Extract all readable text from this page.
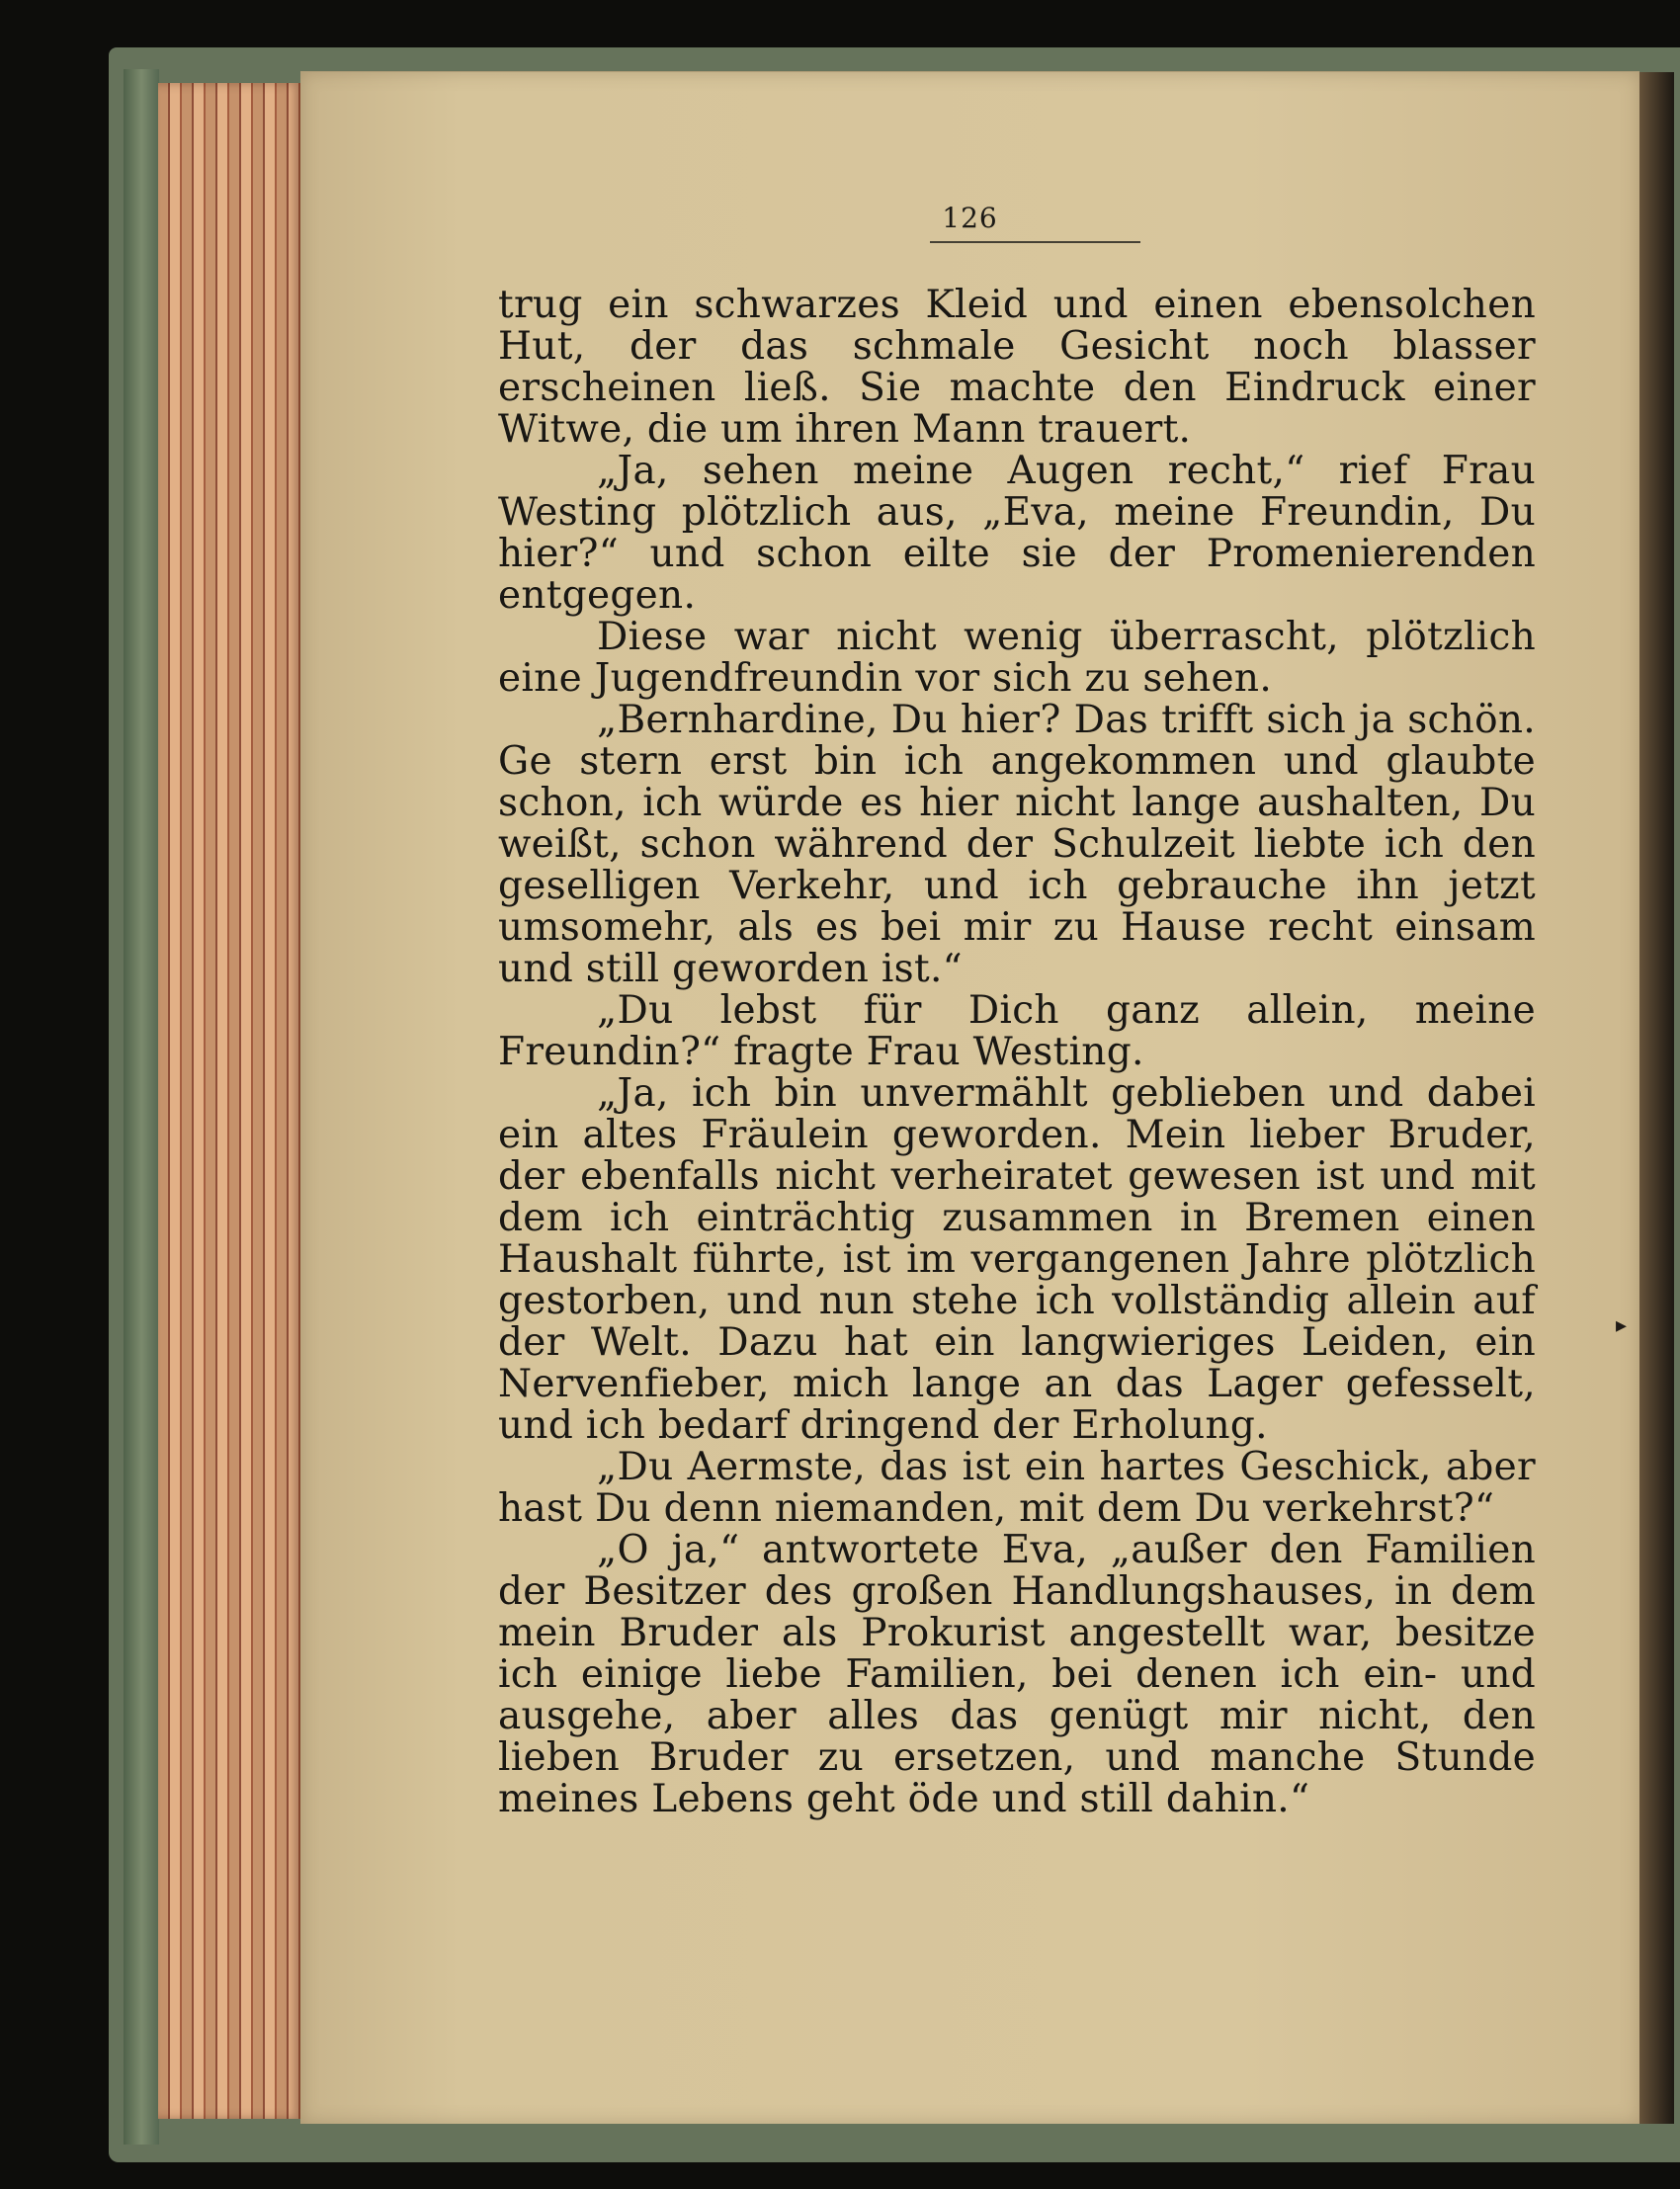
126

trug ein schwarzes Kleid und einen ebensolchen Hut, der das schmale Gesicht noch blasser erscheinen ließ. Sie machte den Eindruck einer Witwe, die um ihren Mann trauert.

„Ja, sehen meine Augen recht,“ rief Frau Westing plötzlich aus, „Eva, meine Freundin, Du hier?“ und schon eilte sie der Promenierenden entgegen.

Diese war nicht wenig überrascht, plötzlich eine Jugendfreundin vor sich zu sehen.

„Bernhardine, Du hier? Das trifft sich ja schön. Ge stern erst bin ich angekommen und glaubte schon, ich würde es hier nicht lange aushalten, Du weißt, schon während der Schulzeit liebte ich den geselligen Verkehr, und ich gebrauche ihn jetzt umsomehr, als es bei mir zu Hause recht einsam und still geworden ist.“

„Du lebst für Dich ganz allein, meine Freundin?“ fragte Frau Westing.

„Ja, ich bin unvermählt geblieben und dabei ein altes Fräulein geworden. Mein lieber Bruder, der ebenfalls nicht verheiratet gewesen ist und mit dem ich einträchtig zusammen in Bremen einen Haushalt führte, ist im vergangenen Jahre plötzlich gestorben, und nun stehe ich vollständig allein auf der Welt. Dazu hat ein langwieriges Leiden, ein Nervenfieber, mich lange an das Lager gefesselt, und ich bedarf dringend der Erholung.

„Du Aermste, das ist ein hartes Geschick, aber hast Du denn niemanden, mit dem Du verkehrst?“

„O ja,“ antwortete Eva, „außer den Familien der Besitzer des großen Handlungshauses, in dem mein Bruder als Prokurist angestellt war, besitze ich einige liebe Familien, bei denen ich ein- und ausgehe, aber alles das genügt mir nicht, den lieben Bruder zu ersetzen, und manche Stunde meines Lebens geht öde und still dahin.“

▸
